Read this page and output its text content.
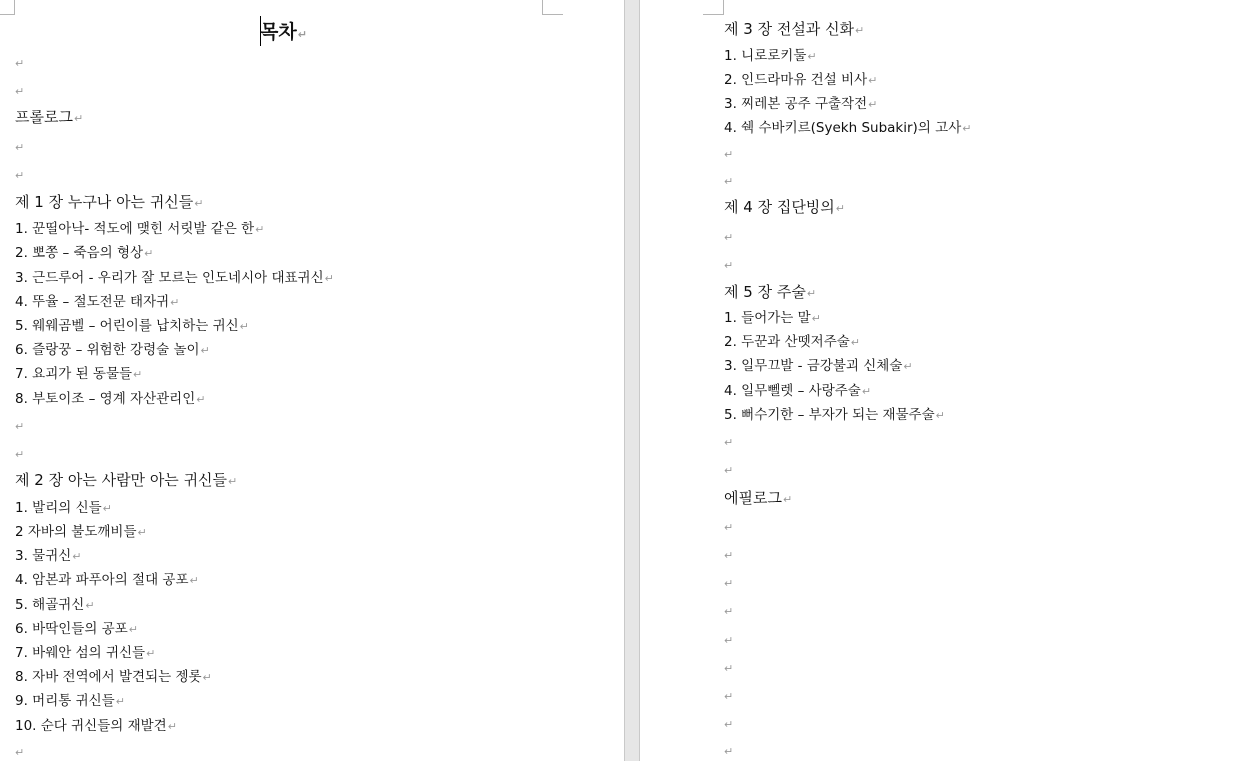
목차↵
↵
↵
프롤로그↵
↵
↵
제 1 장 누구나 아는 귀신들↵
1. 꾼띨아낙- 적도에 맺힌 서릿발 같은 한↵
2. 뽀쫑 – 죽음의 형상↵
3. 근드루어 - 우리가 잘 모르는 인도네시아 대표귀신↵
4. 뚜율 – 절도전문 태자귀↵
5. 웨웨곰벨 – 어린이를 납치하는 귀신↵
6. 즐랑꿍 – 위험한 강령술 놀이↵
7. 요괴가 된 동물들↵
8. 부토이조 – 영계 자산관리인↵
↵
↵
제 2 장 아는 사람만 아는 귀신들↵
1. 발리의 신들↵
2 자바의 불도깨비들↵
3. 물귀신↵
4. 암본과 파푸아의 절대 공포↵
5. 해골귀신↵
6. 바딱인들의 공포↵
7. 바웨안 섬의 귀신들↵
8. 자바 전역에서 발견되는 젱롯↵
9. 머리통 귀신들↵
10. 순다 귀신들의 재발견↵
↵
제 3 장 전설과 신화↵
1. 니로로키둘↵
2. 인드라마유 건설 비사↵
3. 찌레본 공주 구출작전↵
4. 쉑 수바키르(Syekh Subakir)의 고사↵
↵
↵
제 4 장 집단빙의↵
↵
↵
제 5 장 주술↵
1. 들어가는 말↵
2. 두꾼과 산뗏저주술↵
3. 일무끄발 - 금강불괴 신체술↵
4. 일무뻴렛 – 사랑주술↵
5. 뻐수기한 – 부자가 되는 재물주술↵
↵
↵
에필로그↵
↵
↵
↵
↵
↵
↵
↵
↵
↵
